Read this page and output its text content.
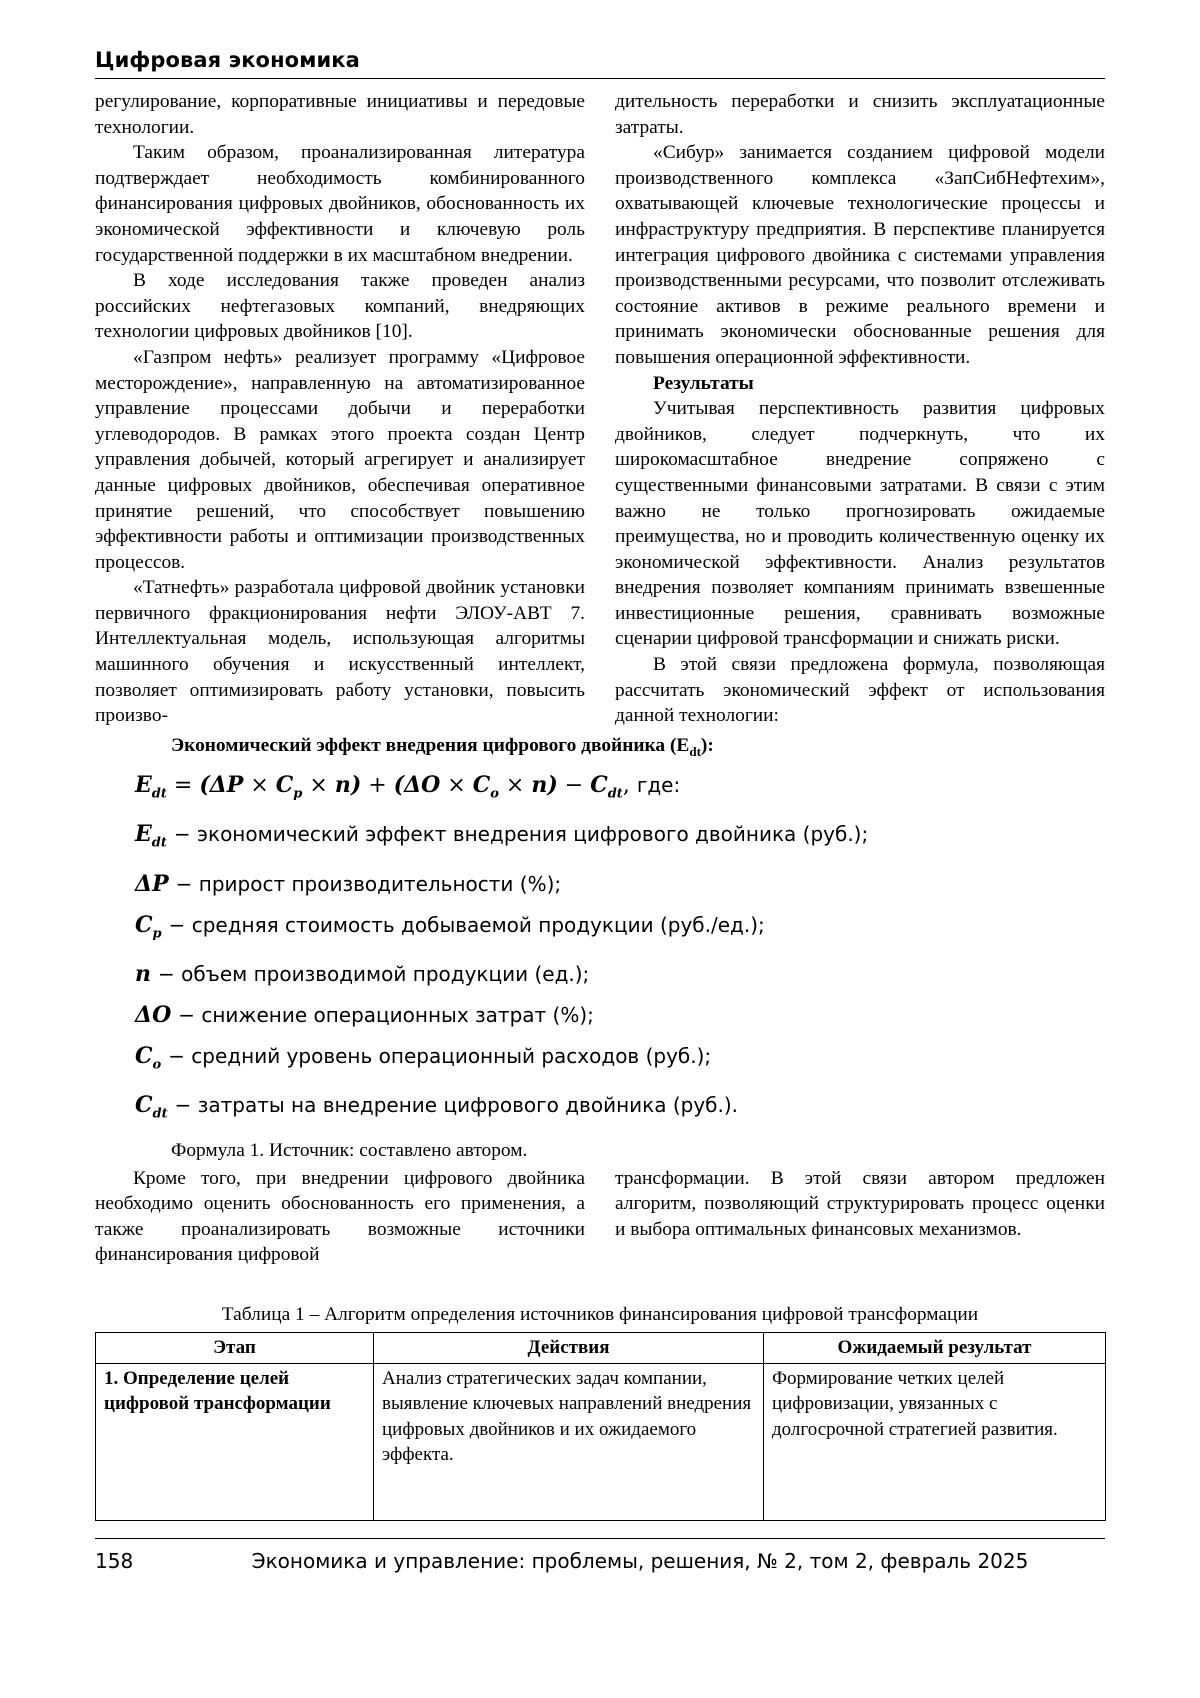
Цифровая экономика

регулирование, корпоративные инициативы и передовые технологии.

Таким образом, проанализированная литература подтверждает необходимость комбинированного финансирования цифровых двойников, обоснованность их экономической эффективности и ключевую роль государственной поддержки в их масштабном внедрении.

В ходе исследования также проведен анализ российских нефтегазовых компаний, внедряющих технологии цифровых двойников [10].

«Газпром нефть» реализует программу «Цифровое месторождение», направленную на автоматизированное управление процессами добычи и переработки углеводородов. В рамках этого проекта создан Центр управления добычей, который агрегирует и анализирует данные цифровых двойников, обеспечивая оперативное принятие решений, что способствует повышению эффективности работы и оптимизации производственных процессов.

«Татнефть» разработала цифровой двойник установки первичного фракционирования нефти ЭЛОУ-АВТ 7. Интеллектуальная модель, использующая алгоритмы машинного обучения и искусственный интеллект, позволяет оптимизировать работу установки, повысить произво-

дительность переработки и снизить эксплуатационные затраты.

«Сибур» занимается созданием цифровой модели производственного комплекса «ЗапСибНефтехим», охватывающей ключевые технологические процессы и инфраструктуру предприятия. В перспективе планируется интеграция цифрового двойника с системами управления производственными ресурсами, что позволит отслеживать состояние активов в режиме реального времени и принимать экономически обоснованные решения для повышения операционной эффективности.

Результаты

Учитывая перспективность развития цифровых двойников, следует подчеркнуть, что их широкомасштабное внедрение сопряжено с существенными финансовыми затратами. В связи с этим важно не только прогнозировать ожидаемые преимущества, но и проводить количественную оценку их экономической эффективности. Анализ результатов внедрения позволяет компаниям принимать взвешенные инвестиционные решения, сравнивать возможные сценарии цифровой трансформации и снижать риски.

В этой связи предложена формула, позволяющая рассчитать экономический эффект от использования данной технологии:

Экономический эффект внедрения цифрового двойника $(E_{dt})$:
$E_{dt} = (\Delta P \times C_p \times n) + (\Delta O \times C_o \times n) - C_{dt}$, где:
$E_{dt}$ − экономический эффект внедрения цифрового двойника (руб.);
ΔP − прирост производительности (%);
$C_p$ − средняя стоимость добываемой продукции (руб./ед.);
n − объем производимой продукции (ед.);
ΔO − снижение операционных затрат (%);
$C_o$ − средний уровень операционный расходов (руб.);
$C_{dt}$ − затраты на внедрение цифрового двойника (руб.).
Формула 1. Источник: составлено автором.

Кроме того, при внедрении цифрового двойника необходимо оценить обоснованность его применения, а также проанализировать возможные источники финансирования цифровой

трансформации. В этой связи автором предложен алгоритм, позволяющий структурировать процесс оценки и выбора оптимальных финансовых механизмов.

Таблица 1 – Алгоритм определения источников финансирования цифровой трансформации
Этап	Действия	Ожидаемый результат
1. Определение целей цифровой трансформации	Анализ стратегических задач компании, выявление ключевых направлений внедрения цифровых двойников и их ожидаемого эффекта.	Формирование четких целей цифровизации, увязанных с долгосрочной стратегией развития.
158	Экономика и управление: проблемы, решения, № 2, том 2, февраль 2025
